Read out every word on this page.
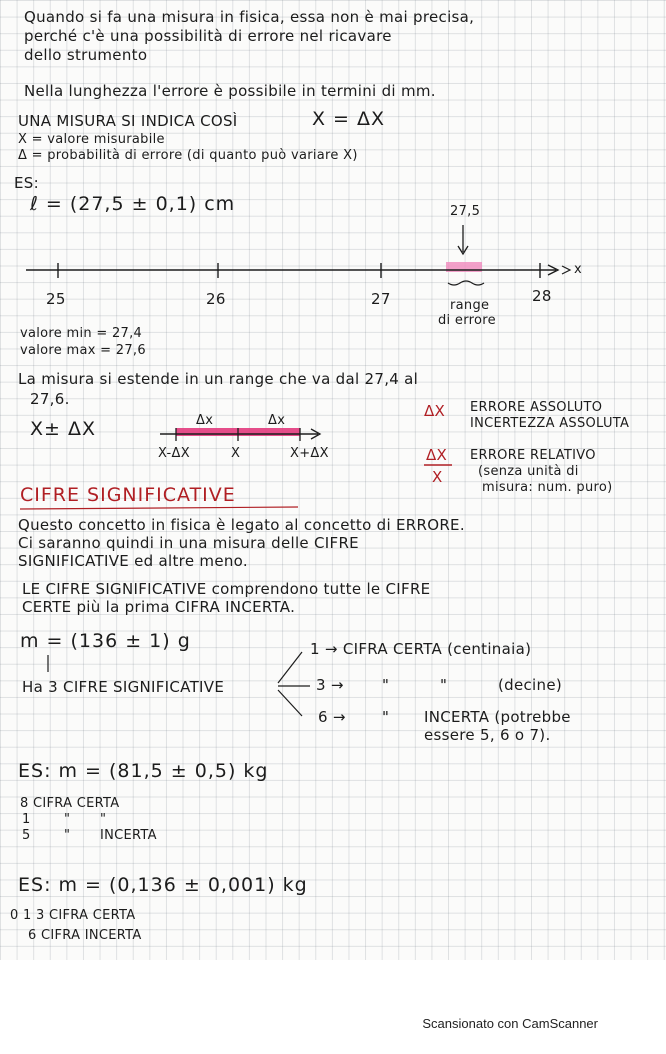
Quando si fa una misura in fisica, essa non è mai precisa,
perché c'è una possibilità di errore nel ricavare
dello strumento
Nella lunghezza l'errore è possibile in termini di mm.
UNA MISURA SI INDICA COSÌ	X = ΔX
X = valore misurabile
Δ = probabilità di errore (di quanto può variare X)
ES:
ℓ = (27,5 ± 0,1) cm	27,5
x
25	26	27	28
range
di errore
valore min = 27,4
valore max = 27,6
La misura si estende in un range che va dal 27,4 al
27,6.
X± ΔX	Δx	Δx
X-ΔX	X	X+ΔX
ΔX ERRORE ASSOLUTO
INCERTEZZA ASSOLUTA
ΔX
X
ERRORE RELATIVO
(senza unità di
misura: num. puro)
CIFRE SIGNIFICATIVE
Questo concetto in fisica è legato al concetto di ERRORE.
Ci saranno quindi in una misura delle CIFRE
SIGNIFICATIVE ed altre meno.
LE CIFRE SIGNIFICATIVE comprendono tutte le CIFRE
CERTE più la prima CIFRA INCERTA.
m = (136 ± 1) g	1 → CIFRA CERTA (centinaia)
Ha 3 CIFRE SIGNIFICATIVE	3 →	"	"	(decine)
6 → " INCERTA (potrebbe
essere 5, 6 o 7).
ES: m = (81,5 ± 0,5) kg
8 CIFRA CERTA
1	" "
5	" INCERTA
ES: m = (0,136 ± 0,001) kg
0 1 3 CIFRA CERTA
6 CIFRA INCERTA
Scansionato con CamScanner
